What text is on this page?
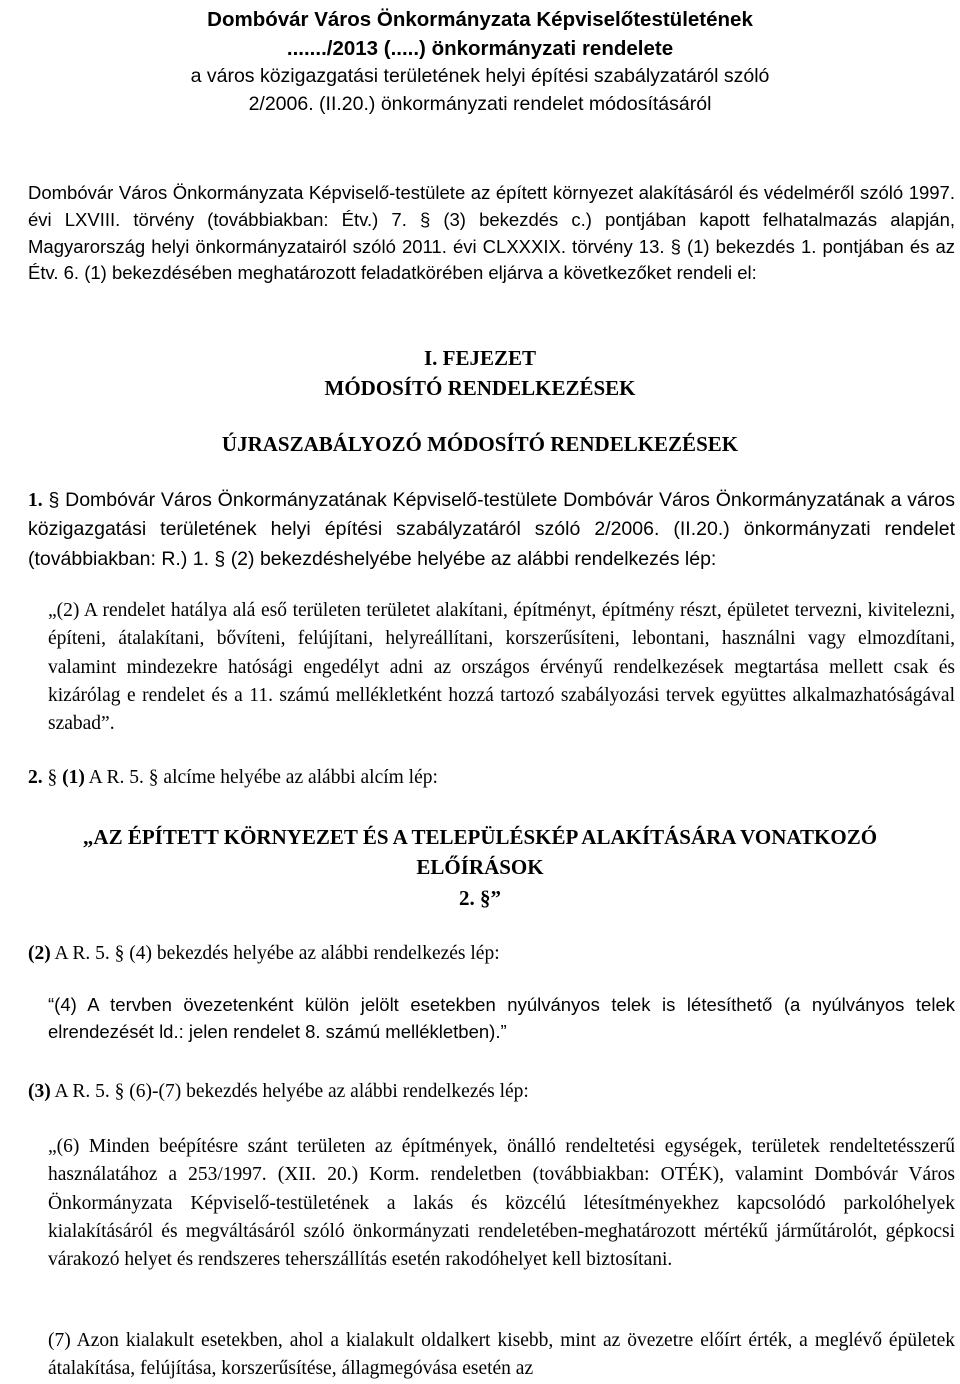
Dombóvár Város Önkormányzata Képviselőtestületének
......./2013 (.....) önkormányzati rendelete
a város közigazgatási területének helyi építési szabályzatáról szóló
2/2006. (II.20.) önkormányzati rendelet módosításáról

Dombóvár Város Önkormányzata Képviselő-testülete az épített környezet alakításáról és védelméről szóló 1997. évi LXVIII. törvény (továbbiakban: Étv.) 7. § (3) bekezdés c.) pontjában kapott felhatalmazás alapján, Magyarország helyi önkormányzatairól szóló 2011. évi CLXXXIX. törvény 13. § (1) bekezdés 1. pontjában és az Étv. 6. (1) bekezdésében meghatározott feladatkörében eljárva a következőket rendeli el:

I. FEJEZET
MÓDOSÍTÓ RENDELKEZÉSEK
ÚJRASZABÁLYOZÓ MÓDOSÍTÓ RENDELKEZÉSEK

1. § Dombóvár Város Önkormányzatának Képviselő-testülete Dombóvár Város Önkormányzatának a város közigazgatási területének helyi építési szabályzatáról szóló 2/2006. (II.20.) önkormányzati rendelet (továbbiakban: R.) 1. § (2) bekezdéshelyébe helyébe az alábbi rendelkezés lép:

„(2) A rendelet hatálya alá eső területen területet alakítani, építményt, építmény részt, épületet tervezni, kivitelezni, építeni, átalakítani, bővíteni, felújítani, helyreállítani, korszerűsíteni, lebontani, használni vagy elmozdítani, valamint mindezekre hatósági engedélyt adni az országos érvényű rendelkezések megtartása mellett csak és kizárólag e rendelet és a 11. számú mellékletként hozzá tartozó szabályozási tervek együttes alkalmazhatóságával szabad”.

2. § (1) A R. 5. § alcíme helyébe az alábbi alcím lép:

„AZ ÉPÍTETT KÖRNYEZET ÉS A TELEPÜLÉSKÉP ALAKÍTÁSÁRA VONATKOZÓ
ELŐÍRÁSOK
2. §”

(2) A R. 5. § (4) bekezdés helyébe az alábbi rendelkezés lép:

“(4) A tervben övezetenként külön jelölt esetekben nyúlványos telek is létesíthető (a nyúlványos telek elrendezését ld.: jelen rendelet 8. számú mellékletben).”

(3) A R. 5. § (6)-(7) bekezdés helyébe az alábbi rendelkezés lép:

„(6) Minden beépítésre szánt területen az építmények, önálló rendeltetési egységek, területek rendeltetésszerű használatához a 253/1997. (XII. 20.) Korm. rendeletben (továbbiakban: OTÉK), valamint Dombóvár Város Önkormányzata Képviselő-testületének a lakás és közcélú létesítményekhez kapcsolódó parkolóhelyek kialakításáról és megváltásáról szóló önkormányzati rendeletében-meghatározott mértékű járműtárolót, gépkocsi várakozó helyet és rendszeres teherszállítás esetén rakodóhelyet kell biztosítani.

(7) Azon kialakult esetekben, ahol a kialakult oldalkert kisebb, mint az övezetre előírt érték, a meglévő épületek átalakítása, felújítása, korszerűsítése, állagmegóvása esetén az
